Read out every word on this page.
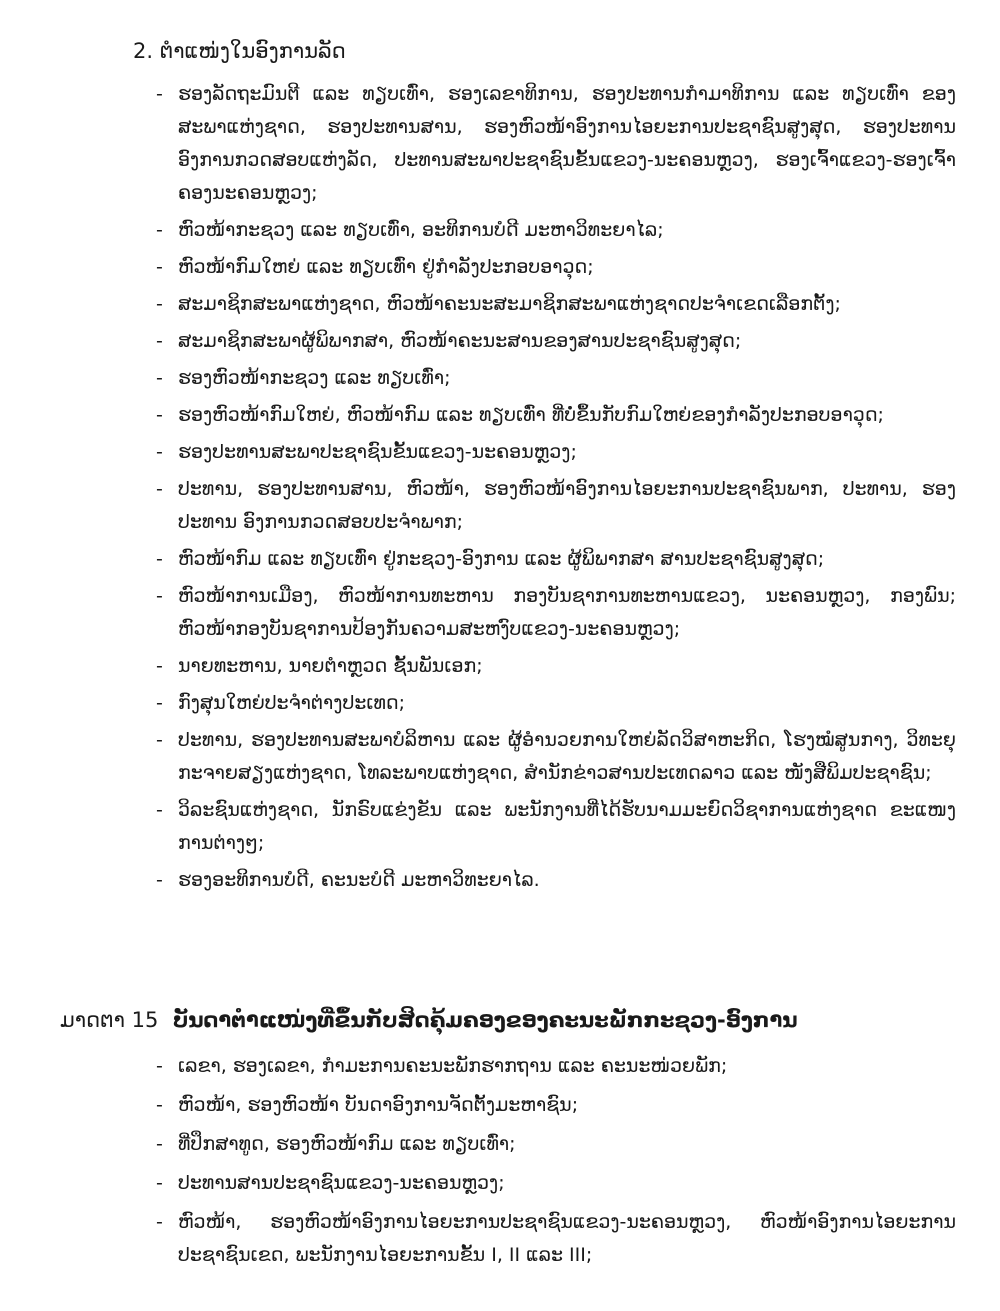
2. ຕຳແໜ່ງໃນອົງການລັດ
- ຮອງລັດຖະມົນຕີ ແລະ ທຽບເທົ່າ, ຮອງເລຂາທິການ, ຮອງປະທານກຳມາທິການ ແລະ ທຽບເທົ່າ ຂອງສະພາແຫ່ງຊາດ, ຮອງປະທານສານ, ຮອງຫົວໜ້າອົງການໄອຍະການປະຊາຊົນສູງສຸດ, ຮອງປະທານອົງການກວດສອບແຫ່ງລັດ, ປະທານສະພາປະຊາຊົນຂັ້ນແຂວງ-ນະຄອນຫຼວງ, ຮອງເຈົ້າແຂວງ-ຮອງເຈົ້າຄອງນະຄອນຫຼວງ;
- ຫົວໜ້າກະຊວງ ແລະ ທຽບເທົ່າ, ອະທິການບໍດີ ມະຫາວິທະຍາໄລ;
- ຫົວໜ້າກົມໃຫຍ່ ແລະ ທຽບເທົ່າ ຢູ່ກຳລັງປະກອບອາວຸດ;
- ສະມາຊິກສະພາແຫ່ງຊາດ, ຫົວໜ້າຄະນະສະມາຊິກສະພາແຫ່ງຊາດປະຈຳເຂດເລືອກຕັ້ງ;
- ສະມາຊິກສະພາຜູ້ພິພາກສາ, ຫົວໜ້າຄະນະສານຂອງສານປະຊາຊົນສູງສຸດ;
- ຮອງຫົວໜ້າກະຊວງ ແລະ ທຽບເທົ່າ;
- ຮອງຫົວໜ້າກົມໃຫຍ່, ຫົວໜ້າກົມ ແລະ ທຽບເທົ່າ ທີ່ບໍ່ຂຶ້ນກັບກົມໃຫຍ່ຂອງກຳລັງປະກອບອາວຸດ;
- ຮອງປະທານສະພາປະຊາຊົນຂັ້ນແຂວງ-ນະຄອນຫຼວງ;
- ປະທານ, ຮອງປະທານສານ, ຫົວໜ້າ, ຮອງຫົວໜ້າອົງການໄອຍະການປະຊາຊົນພາກ, ປະທານ, ຮອງປະທານ ອົງການກວດສອບປະຈຳພາກ;
- ຫົວໜ້າກົມ ແລະ ທຽບເທົ່າ ຢູ່ກະຊວງ-ອົງການ ແລະ ຜູ້ພິພາກສາ ສານປະຊາຊົນສູງສຸດ;
- ຫົວໜ້າການເມືອງ, ຫົວໜ້າການທະຫານ ກອງບັນຊາການທະຫານແຂວງ, ນະຄອນຫຼວງ, ກອງພົນ; ຫົວໜ້າກອງບັນຊາການປ້ອງກັນຄວາມສະຫງົບແຂວງ-ນະຄອນຫຼວງ;
- ນາຍທະຫານ, ນາຍຕຳຫຼວດ ຊັ້ນພັນເອກ;
- ກົງສຸນໃຫຍ່ປະຈຳຕ່າງປະເທດ;
- ປະທານ, ຮອງປະທານສະພາບໍລິຫານ ແລະ ຜູ້ອຳນວຍການໃຫຍ່ລັດວິສາຫະກິດ, ໂຮງໝໍສູນກາງ, ວິທະຍຸກະຈາຍສຽງແຫ່ງຊາດ, ໂທລະພາບແຫ່ງຊາດ, ສຳນັກຂ່າວສານປະເທດລາວ ແລະ ໜັງສືພິມປະຊາຊົນ;
- ວິລະຊົນແຫ່ງຊາດ, ນັກຣົບແຂ່ງຂັນ ແລະ ພະນັກງານທີ່ໄດ້ຮັບນາມມະຍົດວິຊາການແຫ່ງຊາດ ຂະແໜງ ການຕ່າງໆ;
- ຮອງອະທິການບໍດີ, ຄະນະບໍດີ ມະຫາວິທະຍາໄລ.
ມາດຕາ 15 ບັນດາຕຳແໜ່ງທີ່ຂຶ້ນກັບສິດຄຸ້ມຄອງຂອງຄະນະພັກກະຊວງ-ອົງການ
- ເລຂາ, ຮອງເລຂາ, ກຳມະການຄະນະພັກຮາກຖານ ແລະ ຄະນະໜ່ວຍພັກ;
- ຫົວໜ້າ, ຮອງຫົວໜ້າ ບັນດາອົງການຈັດຕັ້ງມະຫາຊົນ;
- ທີ່ປຶກສາທູດ, ຮອງຫົວໜ້າກົມ ແລະ ທຽບເທົ່າ;
- ປະທານສານປະຊາຊົນແຂວງ-ນະຄອນຫຼວງ;
- ຫົວໜ້າ, ຮອງຫົວໜ້າອົງການໄອຍະການປະຊາຊົນແຂວງ-ນະຄອນຫຼວງ, ຫົວໜ້າອົງການໄອຍະການປະຊາຊົນເຂດ, ພະນັກງານໄອຍະການຂັ້ນ I, II ແລະ III;
